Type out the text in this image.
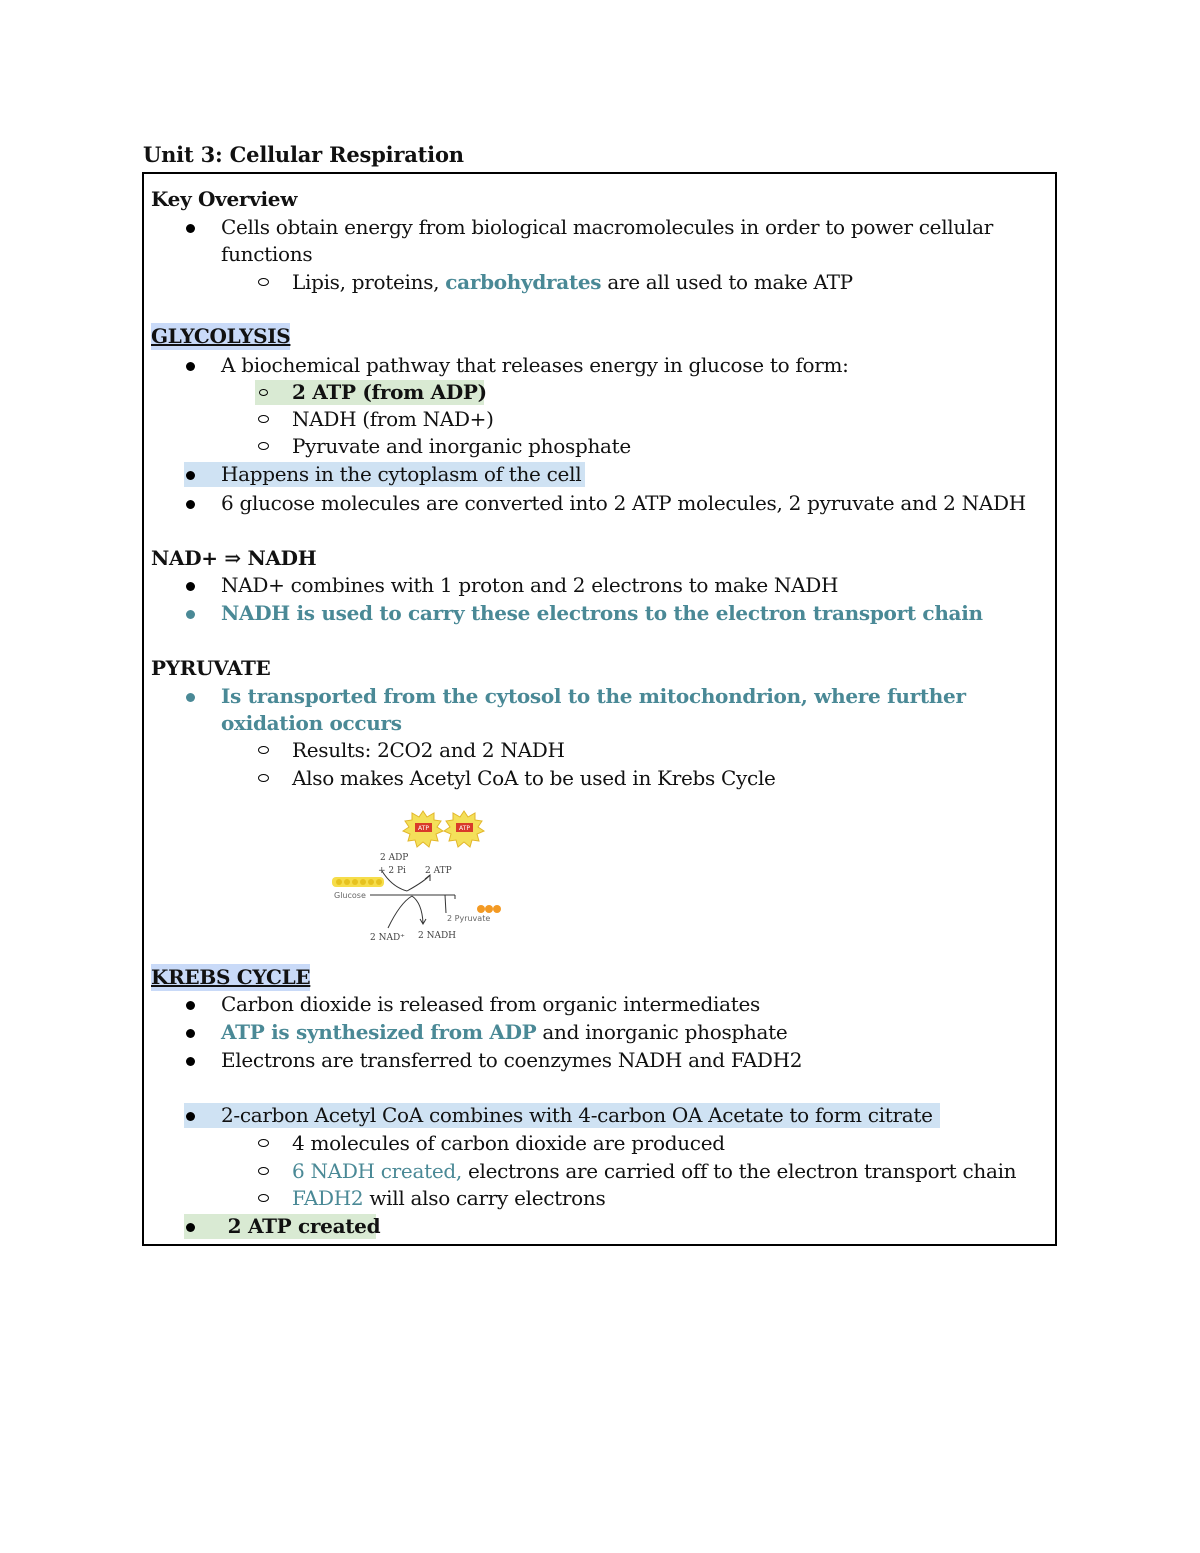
Unit 3: Cellular Respiration
Key Overview
Cells obtain energy from biological macromolecules in order to power cellular
functions
Lipis, proteins, carbohydrates are all used to make ATP
GLYCOLYSIS
A biochemical pathway that releases energy in glucose to form:
2 ATP (from ADP)
NADH (from NAD+)
Pyruvate and inorganic phosphate
Happens in the cytoplasm of the cell
6 glucose molecules are converted into 2 ATP molecules, 2 pyruvate and 2 NADH
NAD+ ⇒ NADH
NAD+ combines with 1 proton and 2 electrons to make NADH
NADH is used to carry these electrons to the electron transport chain
PYRUVATE
Is transported from the cytosol to the mitochondrion, where further
oxidation occurs
Results: 2CO2 and 2 NADH
Also makes Acetyl CoA to be used in Krebs Cycle
ATP	ATP
2 ADP
+ 2 Pi 2 ATP
Glucose
2 Pyruvate
2 NAD⁺ 2 NADH
KREBS CYCLE
Carbon dioxide is released from organic intermediates
ATP is synthesized from ADP and inorganic phosphate
Electrons are transferred to coenzymes NADH and FADH2
2-carbon Acetyl CoA combines with 4-carbon OA Acetate to form citrate
4 molecules of carbon dioxide are produced
6 NADH created, electrons are carried off to the electron transport chain
FADH2 will also carry electrons
2 ATP created
